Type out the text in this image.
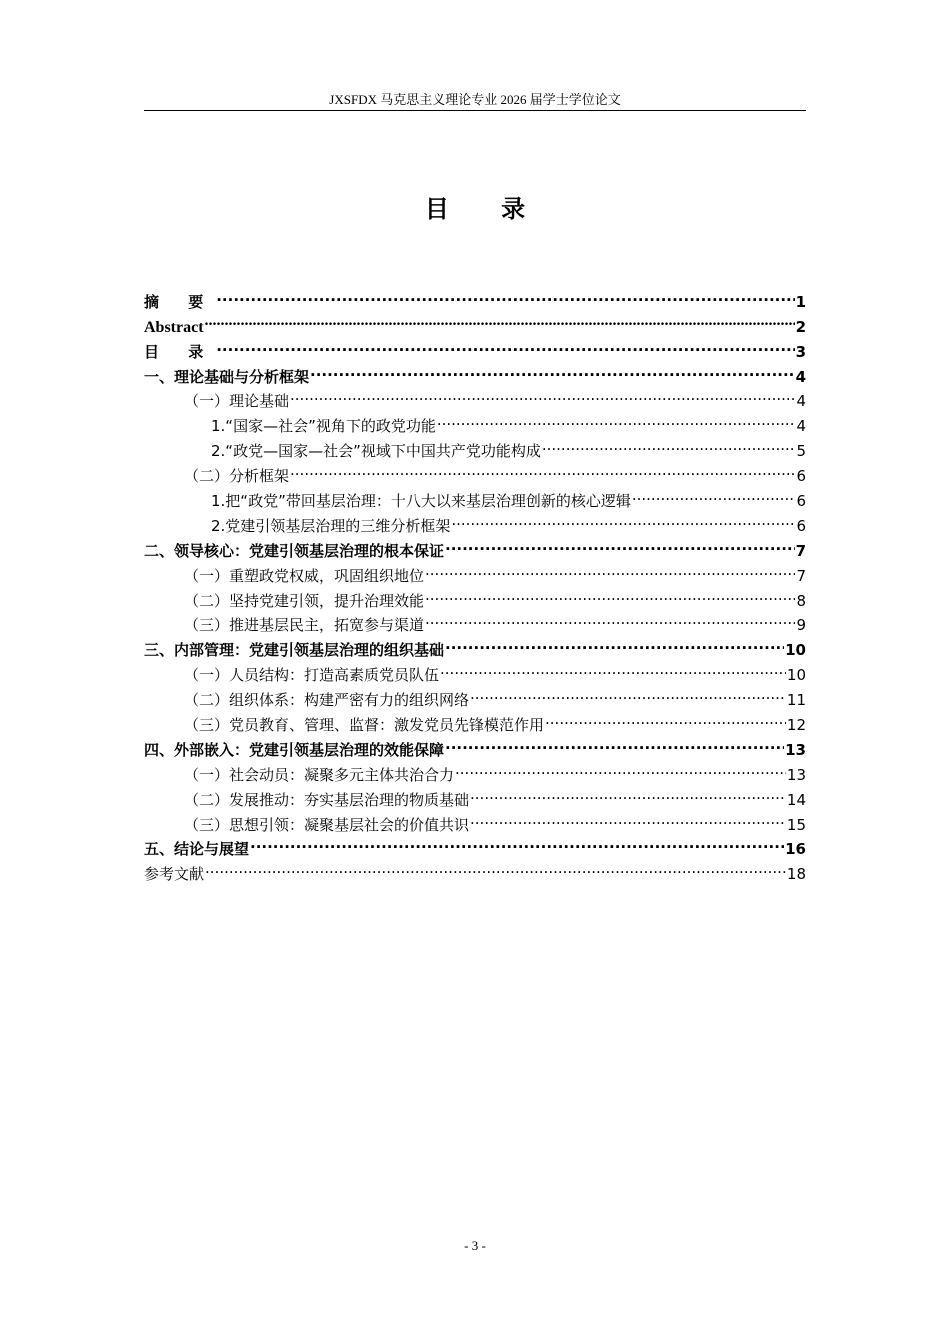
JXSFDX 马克思主义理论专业 2026 届学士学位论文
目 录
摘 要 .....	1
Abstract .....	2
目 录 .....	3
一、理论基础与分析框架 .....	4
（一）理论基础 .....	4
1.“国家—社会”视角下的政党功能 .....	4
2.“政党—国家—社会”视域下中国共产党功能构成 .....	5
（二）分析框架 .....	6
1.把“政党”带回基层治理：十八大以来基层治理创新的核心逻辑 .....	6
2.党建引领基层治理的三维分析框架 .....	6
二、领导核心：党建引领基层治理的根本保证 .....	7
（一）重塑政党权威，巩固组织地位 .....	7
（二）坚持党建引领，提升治理效能 .....	8
（三）推进基层民主，拓宽参与渠道 .....	9
三、内部管理：党建引领基层治理的组织基础 .....	10
（一）人员结构：打造高素质党员队伍 .....	10
（二）组织体系：构建严密有力的组织网络 .....	11
（三）党员教育、管理、监督：激发党员先锋模范作用 .....	12
四、外部嵌入：党建引领基层治理的效能保障 .....	13
（一）社会动员：凝聚多元主体共治合力 .....	13
（二）发展推动：夯实基层治理的物质基础 .....	14
（三）思想引领：凝聚基层社会的价值共识 .....	15
五、结论与展望 .....	16
参考文献 .....	18
- 3 -
